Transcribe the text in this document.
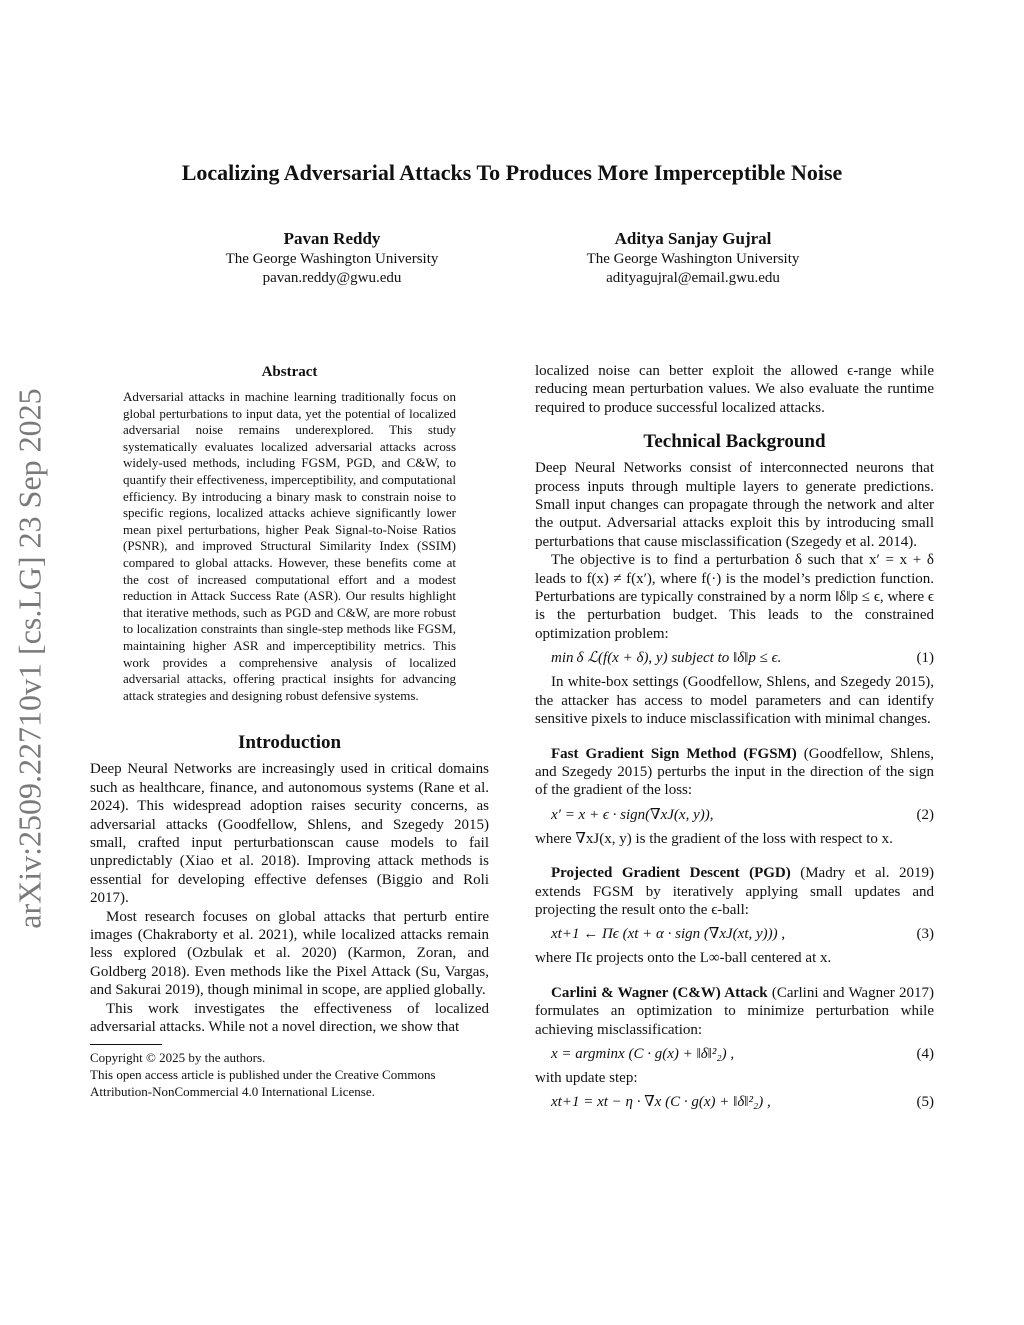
arXiv:2509.22710v1 [cs.LG] 23 Sep 2025
Localizing Adversarial Attacks To Produces More Imperceptible Noise
Pavan Reddy
The George Washington University
pavan.reddy@gwu.edu
Aditya Sanjay Gujral
The George Washington University
adityagujral@email.gwu.edu
Abstract
Adversarial attacks in machine learning traditionally focus on global perturbations to input data, yet the potential of localized adversarial noise remains underexplored. This study systematically evaluates localized adversarial attacks across widely-used methods, including FGSM, PGD, and C&W, to quantify their effectiveness, imperceptibility, and computational efficiency. By introducing a binary mask to constrain noise to specific regions, localized attacks achieve significantly lower mean pixel perturbations, higher Peak Signal-to-Noise Ratios (PSNR), and improved Structural Similarity Index (SSIM) compared to global attacks. However, these benefits come at the cost of increased computational effort and a modest reduction in Attack Success Rate (ASR). Our results highlight that iterative methods, such as PGD and C&W, are more robust to localization constraints than single-step methods like FGSM, maintaining higher ASR and imperceptibility metrics. This work provides a comprehensive analysis of localized adversarial attacks, offering practical insights for advancing attack strategies and designing robust defensive systems.
Introduction

Deep Neural Networks are increasingly used in critical domains such as healthcare, finance, and autonomous systems (Rane et al. 2024). This widespread adoption raises security concerns, as adversarial attacks (Goodfellow, Shlens, and Szegedy 2015) small, crafted input perturbationscan cause models to fail unpredictably (Xiao et al. 2018). Improving attack methods is essential for developing effective defenses (Biggio and Roli 2017).

Most research focuses on global attacks that perturb entire images (Chakraborty et al. 2021), while localized attacks remain less explored (Ozbulak et al. 2020) (Karmon, Zoran, and Goldberg 2018). Even methods like the Pixel Attack (Su, Vargas, and Sakurai 2019), though minimal in scope, are applied globally.

This work investigates the effectiveness of localized adversarial attacks. While not a novel direction, we show that

Copyright © 2025 by the authors.
This open access article is published under the Creative Commons Attribution-NonCommercial 4.0 International License.

localized noise can better exploit the allowed ϵ-range while reducing mean perturbation values. We also evaluate the runtime required to produce successful localized attacks.

Technical Background

Deep Neural Networks consist of interconnected neurons that process inputs through multiple layers to generate predictions. Small input changes can propagate through the network and alter the output. Adversarial attacks exploit this by introducing small perturbations that cause misclassification (Szegedy et al. 2014).

The objective is to find a perturbation δ such that x′ = x + δ leads to f(x) ≠ f(x′), where f(·) is the model’s prediction function. Perturbations are typically constrained by a norm ‖δ‖p ≤ ϵ, where ϵ is the perturbation budget. This leads to the constrained optimization problem:

min δ ℒ(f(x + δ), y) subject to ‖δ‖p ≤ ϵ.	(1)

In white-box settings (Goodfellow, Shlens, and Szegedy 2015), the attacker has access to model parameters and can identify sensitive pixels to induce misclassification with minimal changes.

Fast Gradient Sign Method (FGSM) (Goodfellow, Shlens, and Szegedy 2015) perturbs the input in the direction of the sign of the gradient of the loss:

x′ = x + ϵ · sign(∇xJ(x, y)),	(2)

where ∇xJ(x, y) is the gradient of the loss with respect to x.

Projected Gradient Descent (PGD) (Madry et al. 2019) extends FGSM by iteratively applying small updates and projecting the result onto the ϵ-ball:

xt+1 ← Πϵ (xt + α · sign (∇xJ(xt, y))) ,	(3)

where Πϵ projects onto the L∞-ball centered at x.

Carlini & Wagner (C&W) Attack (Carlini and Wagner 2017) formulates an optimization to minimize perturbation while achieving misclassification:

x = argminx (C · g(x) + ‖δ‖²₂) ,	(4)

with update step:

xt+1 = xt − η · ∇x (C · g(x) + ‖δ‖²₂) ,	(5)
